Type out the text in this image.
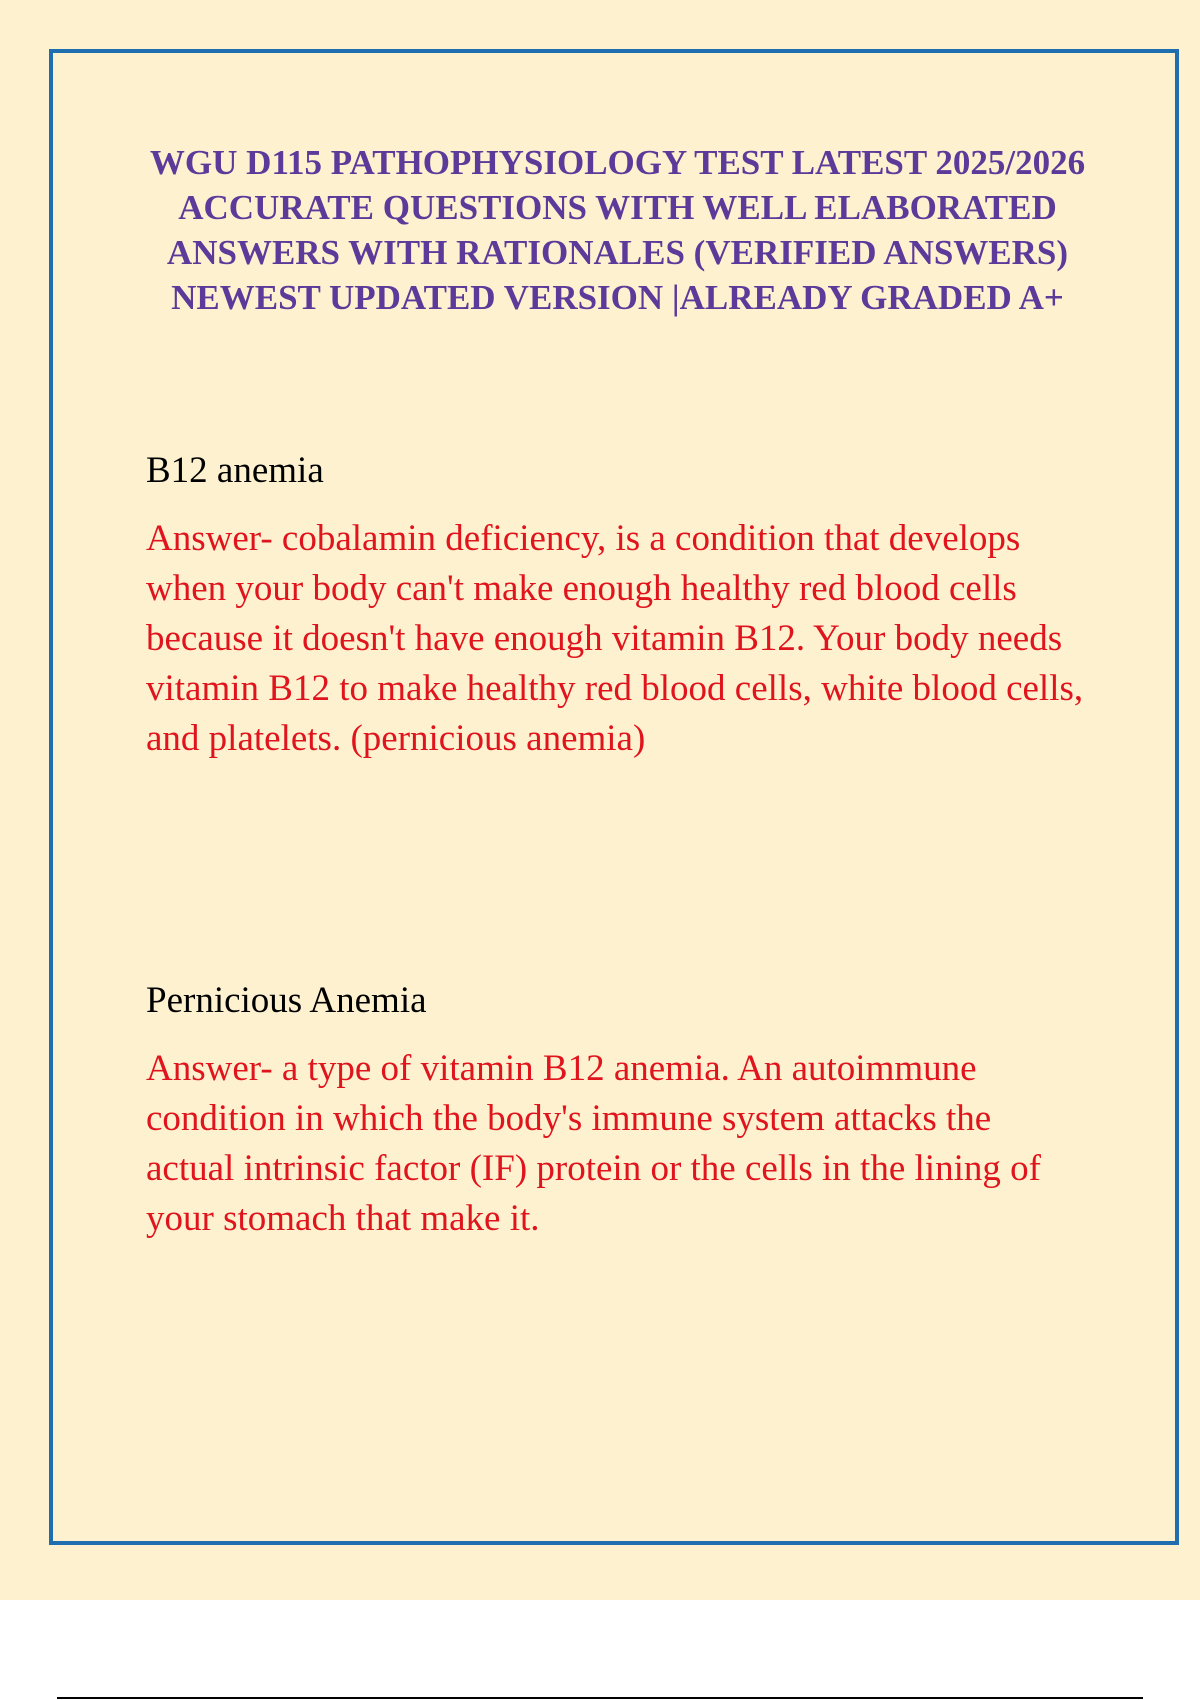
WGU D115 PATHOPHYSIOLOGY TEST LATEST 2025/2026 ACCURATE QUESTIONS WITH WELL ELABORATED ANSWERS WITH RATIONALES (VERIFIED ANSWERS) NEWEST UPDATED VERSION |ALREADY GRADED A+

B12 anemia

Answer- cobalamin deficiency, is a condition that develops when your body can't make enough healthy red blood cells because it doesn't have enough vitamin B12. Your body needs vitamin B12 to make healthy red blood cells, white blood cells, and platelets. (pernicious anemia)

Pernicious Anemia

Answer- a type of vitamin B12 anemia. An autoimmune condition in which the body's immune system attacks the actual intrinsic factor (IF) protein or the cells in the lining of your stomach that make it.
